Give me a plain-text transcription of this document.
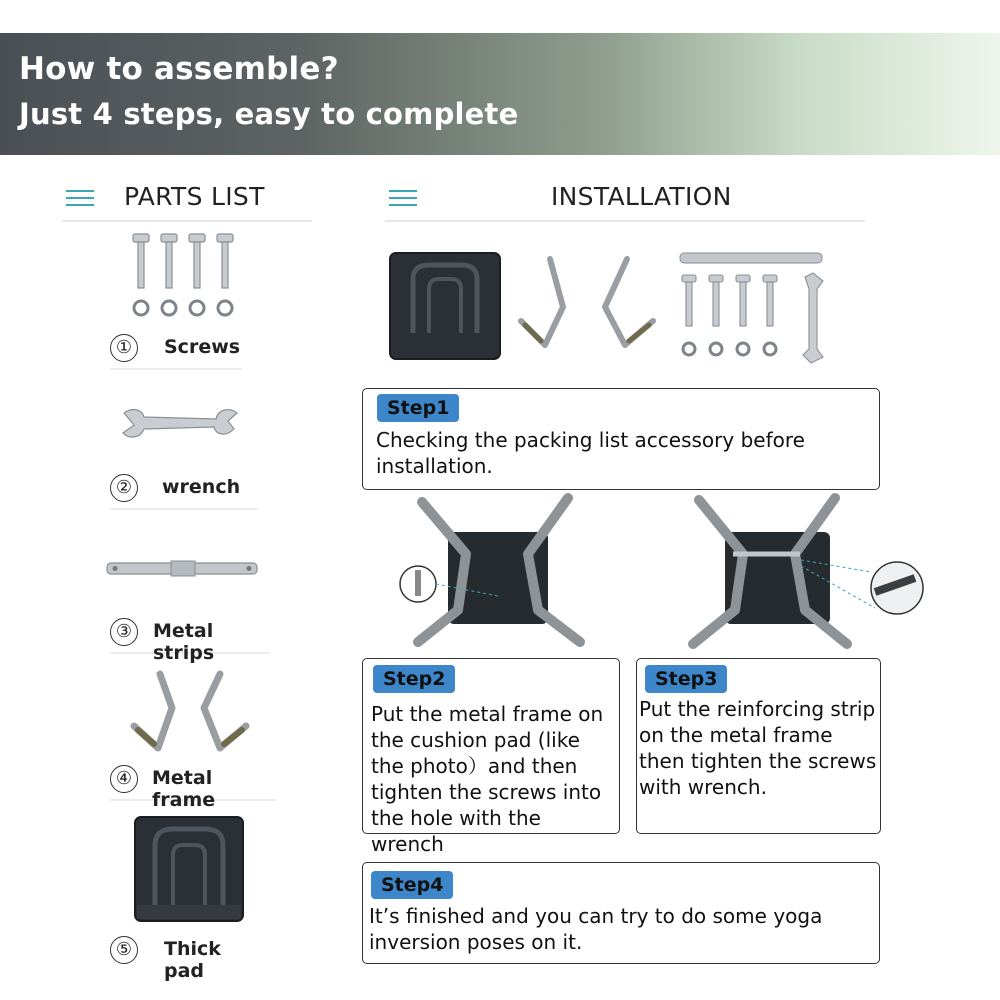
How to assemble?
Just 4 steps, easy to complete
PARTS LIST	INSTALLATION
①	Screws
②	wrench
③	Metal strips
④	Metal frame
⑤	Thick pad
Step1
Checking the packing list accessory before installation.
Step2
Put the metal frame on the cushion pad (like the photo）and then tighten the screws into the hole with the wrench
Step3
Put the reinforcing strip on the metal frame then tighten the screws with wrench.
Step4
It’s finished and you can try to do some yoga inversion poses on it.
